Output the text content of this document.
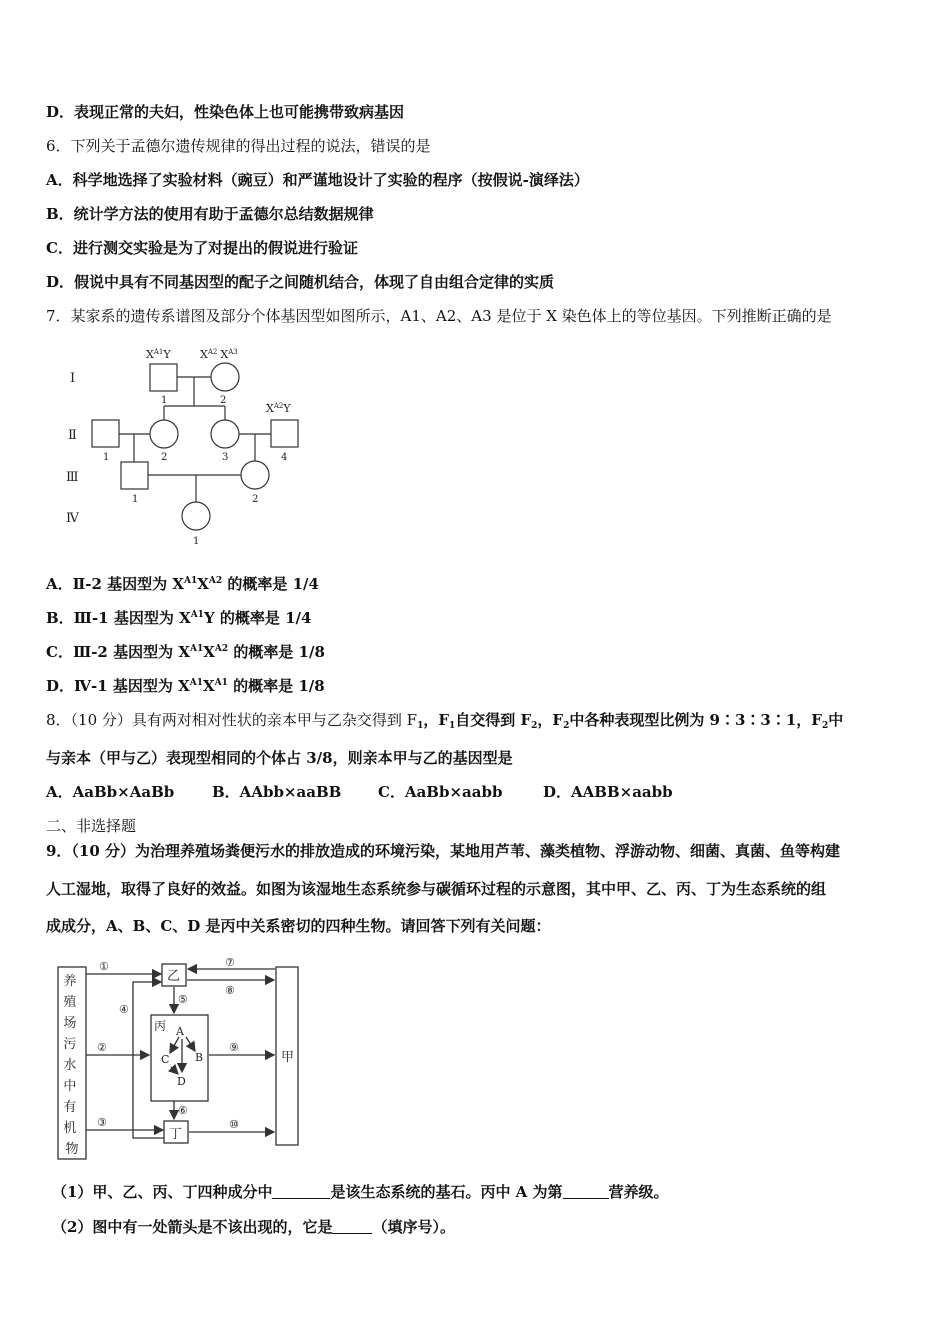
D．表现正常的夫妇，性染色体上也可能携带致病基因
6．下列关于孟德尔遗传规律的得出过程的说法，错误的是
A．科学地选择了实验材料（豌豆）和严谨地设计了实验的程序（按假说-演绎法）
B．统计学方法的使用有助于孟德尔总结数据规律
C．进行测交实验是为了对提出的假说进行验证
D．假说中具有不同基因型的配子之间随机结合，体现了自由组合定律的实质
7．某家系的遗传系谱图及部分个体基因型如图所示，A1、A2、A3 是位于 X 染色体上的等位基因。下列推断正确的是
Ⅰ
Ⅱ
Ⅲ
Ⅳ
$X^{A1}Y$	$X^{A2}$ $X^{A3}$
$X^{A2}Y$
1	2
1	2	3	4
1	2
1
A．Ⅱ-2 基因型为 $X^{A1}X^{A2}$ 的概率是 1/4
B．Ⅲ-1 基因型为 $X^{A1}Y$ 的概率是 1/4
C．Ⅲ-2 基因型为 $X^{A1}X^{A2}$ 的概率是 1/8
D．Ⅳ-1 基因型为 $X^{A1}X^{A1}$ 的概率是 1/8
8．（10 分）具有两对相对性状的亲本甲与乙杂交得到 $F_1$，$F_1$自交得到 $F_2$，$F_2$中各种表现型比例为 9∶3∶3∶1，$F_2$中
与亲本（甲与乙）表现型相同的个体占 3/8，则亲本甲与乙的基因型是
A．AaBb×AaBb	B．AAbb×aaBB C．AaBb×aabb	D．AABB×aabb
二、非选择题
9．（10 分）为治理养殖场粪便污水的排放造成的环境污染，某地用芦苇、藻类植物、浮游动物、细菌、真菌、鱼等构建
人工湿地，取得了良好的效益。如图为该湿地生态系统参与碳循环过程的示意图，其中甲、乙、丙、丁为生态系统的组
成成分，A、B、C、D 是丙中关系密切的四种生物。请回答下列有关问题：
养 殖 场 污 水 中 有 机 物
乙
丙
丁
甲
A
C B
D
①
②
③
④
⑤
⑥
⑦
⑧
⑨
⑩
（1）甲、乙、丙、丁四种成分中	是该生态系统的基石。丙中 A 为第	营养级。
（2）图中有一处箭头是不该出现的，它是	（填序号）。
